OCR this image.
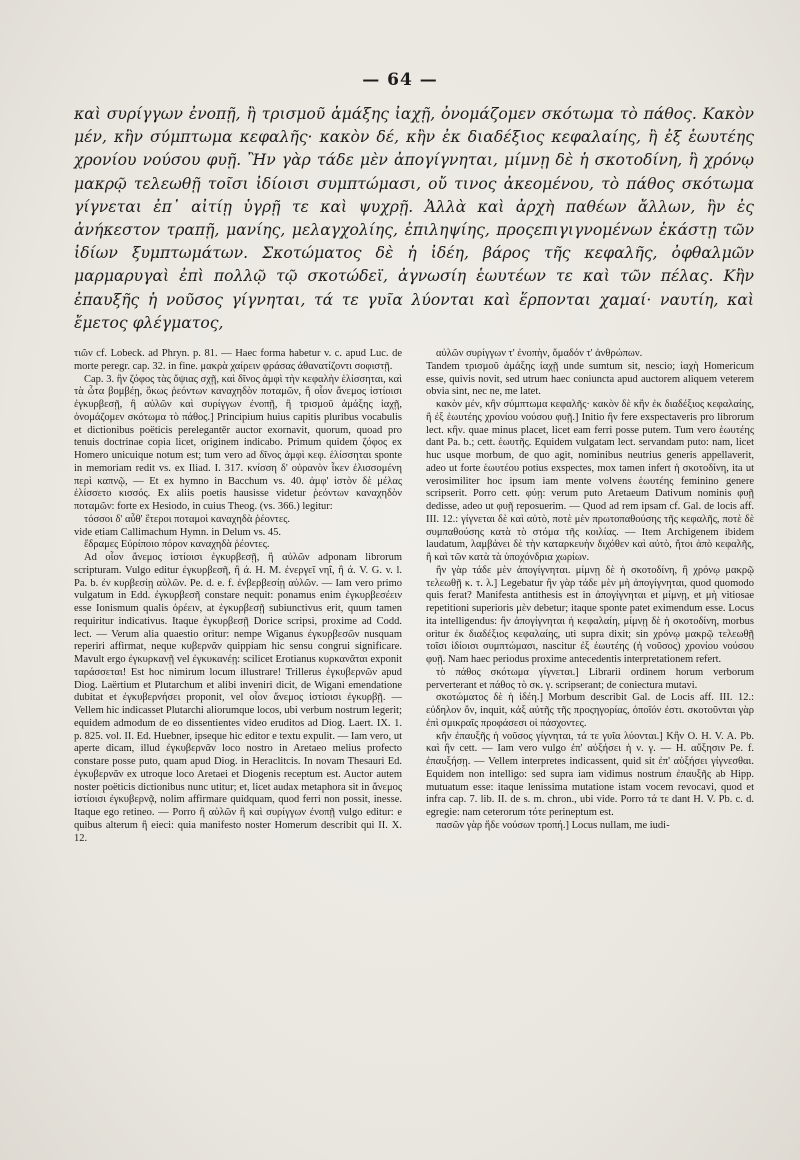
— 64 —

καὶ συρίγγων ἐνοπῇ, ἢ τρισμοῦ ἁμάξης ἰαχῇ, ὀνομάζομεν σκότωμα τὸ πάθος. Κακὸν μέν, κἢν σύμπτωμα κεφαλῆς· κακὸν δέ, κἢν ἐκ διαδέξιος κεφαλαίης, ἢ ἐξ ἑωυτέης χρονίου νούσου φυῇ. Ἢν γὰρ τάδε μὲν ἀπογίγνηται, μίμνῃ δὲ ἡ σκοτοδίνη, ἢ χρόνῳ μακρῷ τελεωθῇ τοῖσι ἰδίοισι συμπτώμασι, οὔ τινος ἀκεομένου, τὸ πάθος σκότωμα γίγνεται ἐπ᾽ αἰτίῃ ὑγρῇ τε καὶ ψυχρῇ. Ἀλλὰ καὶ ἀρχὴ παθέων ἄλλων, ἢν ἐς ἀνήκεστον τραπῇ, μανίης, μελαγχολίης, ἐπιληψίης, προςεπιγιγνομένων ἑκάστῃ τῶν ἰδίων ξυμπτωμάτων. Σκοτώματος δὲ ἡ ἰδέη, βάρος τῆς κεφαλῆς, ὀφθαλμῶν μαρμαρυγαὶ ἐπὶ πολλῷ τῷ σκοτώδεϊ, ἀγνωσίη ἑωυτέων τε καὶ τῶν πέλας. Κἢν ἐπαυξῆς ἡ νοῦσος γίγνηται, τά τε γυῖα λύονται καὶ ἕρπονται χαμαί· ναυτίη, καὶ ἔμετος φλέγματος,

τιῶν cf. Lobeck. ad Phryn. p. 81. — Haec forma habetur v. c. apud Luc. de morte peregr. cap. 32. in fine. μακρὰ χαίρειν φράσας ἀθανατίζοντι σοφιστῇ.

Cap. 3. ἢν ζόφος τὰς ὄψιας σχῇ, καὶ δῖνος ἀμφὶ τὴν κεφαλὴν ἑλίσσηται, καὶ τὰ ὦτα βομβέῃ, ὅκως ῥεόντων καναχηδὸν ποταμῶν, ἢ οἷον ἄνεμος ἱστίοισι ἐγκυρβεσῇ, ἢ αὐλῶν καὶ συρίγγων ἐνοπῇ, ἢ τρισμοῦ ἁμάξης ἰαχῇ, ὀνομάζομεν σκότωμα τὸ πάθος.] Principium huius capitis pluribus vocabulis et dictionibus poëticis perelegantēr auctor exornavit, quorum, quoad pro tenuis doctrinae copia licet, originem indicabo. Primum quidem ζόφος ex Homero unicuique notum est; tum vero ad δῖνος ἀμφὶ κεφ. ἑλίσσηται sponte in memoriam redit vs. ex Iliad. I. 317. κνίσση δ' οὐρανὸν ἷκεν ἑλισσομένη περὶ καπνῷ, — Et ex hymno in Bacchum vs. 40. ἀμφ' ἱστὸν δὲ μέλας ἑλίσσετο κισσός. Ex aliis poetis hausisse videtur ῥεόντων καναχηδὸν ποταμῶν: forte ex Hesiodo, in cuius Theog. (vs. 366.) legitur:

τόσσοι δ' αὖθ' ἕτεροι ποταμοὶ καναχηδὰ ῥέοντες.

vide etiam Callimachum Hymn. in Delum vs. 45.

ἔδραμες Εὐρίποιο πόρον καναχηδὰ ῥέοντες.

Ad οἷον ἄνεμος ἱστίοισι ἐγκυρβεσῇ, ἢ αὐλῶν adponam librorum scripturam. Vulgo editur ἐγκυρβεσῆ, ἢ ά. H. M. ἐνεργεῖ νηΐ, ἢ ά. V. G. v. l. Pa. b. ἐν κυρβεσίῃ αὐλῶν. Pe. d. e. f. ἐνβερβεσίῃ αὐλῶν. — Iam vero primo vulgatum in Edd. ἐγκυρβεσῆ constare nequit: ponamus enim ἐγκυρβεσέειν esse Ionismum qualis ὁρέειν, at ἐγκυρβεσῇ subiunctivus erit, quum tamen requiritur indicativus. Itaque ἐγκυρβεσῇ Dorice scripsi, proxime ad Codd. lect. — Verum alia quaestio oritur: nempe Wiganus ἐγκυρβεσῶν nusquam reperiri affirmat, neque κυβερνᾶν quippiam hic sensu congrui significare. Mavult ergo ἐγκυρκανῇ vel ἐγκυκανέῃ: scilicet Erotianus κυρκανᾶται exponit ταράσσεται! Est hoc nimirum locum illustrare! Trillerus ἐγκυβερνῶν apud Diog. Laërtium et Plutarchum et alibi inveniri dicit, de Wigani emendatione dubitat et ἐγκυβερνήσει proponit, vel οἷον ἄνεμος ἱστίοισι ἐγκυρβῇ. — Vellem hic indicasset Plutarchi aliorumque locos, ubi verbum nostrum legerit; equidem admodum de eo dissentientes video eruditos ad Diog. Laert. IX. 1. p. 825. vol. II. Ed. Huebner, ipseque hic editor e textu expulit. — Iam vero, ut aperte dicam, illud ἐγκυβερνᾶν loco nostro in Aretaeo melius profecto constare posse puto, quam apud Diog. in Heraclitcis. In novam Thesauri Ed. ἐγκυβερνᾶν ex utroque loco Aretaei et Diogenis receptum est. Auctor autem noster poëticis dictionibus nunc utitur; et, licet audax metaphora sit in ἄνεμος ἱστίοισι ἐγκυβερνᾷ, nolim affirmare quidquam, quod ferri non possit, inesse. Itaque ego retineo. — Porro ἢ αὐλῶν ἢ καὶ συρίγγων ἐνοπῇ vulgo editur: e quibus alterum ἢ eieci: quia manifesto noster Homerum describit qui II. X. 12.

αὐλῶν συρίγγων τ' ἐνοπὴν, ὅμαδόν τ' ἀνθρώπων.

Tandem τρισμοῦ ἁμάξης ἰαχῇ unde sumtum sit, nescio; ἰαχὴ Homericum esse, quivis novit, sed utrum haec coniuncta apud auctorem aliquem veterem obvia sint, nec ne, me latet.

κακὸν μέν, κἢν σύμπτωμα κεφαλῆς· κακὸν δὲ κἢν ἐκ διαδέξιος κεφαλαίης, ἢ ἐξ ἑωυτέης χρονίου νούσου φυῇ.] Initio ἢν fere exspectaveris pro librorum lect. κἢν. quae minus placet, licet eam ferri posse putem. Tum vero ἑωυτέης dant Pa. b.; cett. ἑωυτῆς. Equidem vulgatam lect. servandam puto: nam, licet huc usque morbum, de quo agit, nominibus neutrius generis appellaverit, adeo ut forte ἑωυτέου potius exspectes, mox tamen infert ἡ σκοτοδίνη, ita ut verosimiliter hoc ipsum iam mente volvens ἑωυτέης feminino genere scripserit. Porro cett. φύῃ: verum puto Aretaeum Dativum nominis φυῇ dedisse, adeo ut φυῇ reposuerim. — Quod ad rem ipsam cf. Gal. de locis aff. III. 12.: γίγνεται δὲ καὶ αὐτὸ, ποτὲ μὲν πρωτοπαθούσης τῆς κεφαλῆς, ποτὲ δὲ συμπαθούσης κατὰ τὸ στόμα τῆς κοιλίας. — Item Archigenem ibidem laudatum, λαμβάνει δὲ τὴν καταρκευὴν διχόθεν καὶ αὐτὸ, ἤτοι ἀπὸ κεφαλῆς, ἢ καὶ τῶν κατὰ τὰ ὑποχόνδρια χωρίων.

ἢν γὰρ τάδε μὲν ἀπογίγνηται. μίμνῃ δὲ ἡ σκοτοδίνη, ἢ χρόνῳ μακρῷ τελεωθῇ κ. τ. λ.] Legebatur ἢν γὰρ τάδε μὲν μὴ ἀπογίγνηται, quod quomodo quis ferat? Manifesta antithesis est in ἀπογίγνηται et μίμνῃ, et μὴ vitiosae repetitioni superioris μὲν debetur; itaque sponte patet eximendum esse. Locus ita intelligendus: ἢν ἀπογίγνηται ἡ κεφαλαίη, μίμνῃ δὲ ἡ σκοτοδίνη, morbus oritur ἐκ διαδέξιος κεφαλαίης, uti supra dixit; sin χρόνῳ μακρῷ τελεωθῇ τοῖσι ἰδίοισι συμπτώμασι, nascitur ἐξ ἑωυτέης (ἡ νοῦσος) χρονίου νούσου φυῇ. Nam haec periodus proxime antecedentis interpretationem refert.

τὸ πάθος σκότωμα γίγνεται.] Librarii ordinem horum verborum perverterant et πάθος τὸ σκ. γ. scripserant; de coniectura mutavi.

σκοτώματος δὲ ἡ ἰδέη.] Morbum describit Gal. de Locis aff. III. 12.: εὐδηλον ὄν, inquit, κἀξ αὐτῆς τῆς προςηγορίας, ὁποῖόν ἐστι. σκοτοῦνται γὰρ ἐπὶ σμικραῖς προφάσεσι οἱ πάσχοντες.

κἢν ἐπαυξῆς ἡ νοῦσος γίγνηται, τά τε γυῖα λύονται.] Κἢν O. H. V. A. Pb. καὶ ἢν cett. — Iam vero vulgo ἐπ' αὐξήσει ἡ ν. γ. — H. αὔξησιν Pe. f. ἐπαυξήσῃ. — Vellem interpretes indicassent, quid sit ἐπ' αὐξήσει γίγνεσθαι. Equidem non intelligo: sed supra iam vidimus nostrum ἐπαυξῆς ab Hipp. mutuatum esse: itaque lenissima mutatione istam vocem revocavi, quod et infra cap. 7. lib. II. de s. m. chron., ubi vide. Porro τά τε dant H. V. Pb. c. d. egregie: nam ceterorum τότε perineptum est.

πασῶν γὰρ ἥδε νούσων τροπή.] Locus nullam, me iudi-
